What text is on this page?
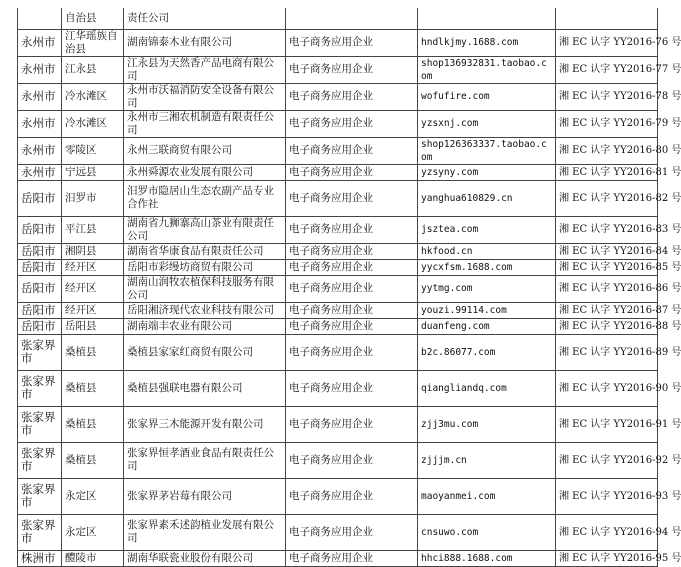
	自治县	责任公司			
永州市	江华瑶族自治县	湖南锦泰木业有限公司	电子商务应用企业	hndlkjmy.1688.com	湘 EC 认字 YY2016-76 号
永州市	江永县	江永县为天然香产品电商有限公司	电子商务应用企业	shop136932831.taobao.com	湘 EC 认字 YY2016-77 号
永州市	冷水滩区	永州市沃福消防安全设备有限公司	电子商务应用企业	wofufire.com	湘 EC 认字 YY2016-78 号
永州市	冷水滩区	永州市三湘农机制造有限责任公司	电子商务应用企业	yzsxnj.com	湘 EC 认字 YY2016-79 号
永州市	零陵区	永州三联商贸有限公司	电子商务应用企业	shop126363337.taobao.com	湘 EC 认字 YY2016-80 号
永州市	宁远县	永州舜源农业发展有限公司	电子商务应用企业	yzsyny.com	湘 EC 认字 YY2016-81 号
岳阳市	汨罗市	汨罗市隐居山生态农副产品专业合作社	电子商务应用企业	yanghua610829.cn	湘 EC 认字 YY2016-82 号
岳阳市	平江县	湖南省九狮寨高山茶业有限责任公司	电子商务应用企业	jsztea.com	湘 EC 认字 YY2016-83 号
岳阳市	湘阴县	湖南省华康食品有限责任公司	电子商务应用企业	hkfood.cn	湘 EC 认字 YY2016-84 号
岳阳市	经开区	岳阳市彩缦坊商贸有限公司	电子商务应用企业	yycxfsm.1688.com	湘 EC 认字 YY2016-85 号
岳阳市	经开区	湖南山润牧农植保科技服务有限公司	电子商务应用企业	yytmg.com	湘 EC 认字 YY2016-86 号
岳阳市	经开区	岳阳湘济现代农业科技有限公司	电子商务应用企业	youzi.99114.com	湘 EC 认字 YY2016-87 号
岳阳市	岳阳县	湖南端丰农业有限公司	电子商务应用企业	duanfeng.com	湘 EC 认字 YY2016-88 号
张家界市	桑植县	桑植县家家红商贸有限公司	电子商务应用企业	b2c.86077.com	湘 EC 认字 YY2016-89 号
张家界市	桑植县	桑植县强联电器有限公司	电子商务应用企业	qiangliandq.com	湘 EC 认字 YY2016-90 号
张家界市	桑植县	张家界三木能源开发有限公司	电子商务应用企业	zjj3mu.com	湘 EC 认字 YY2016-91 号
张家界市	桑植县	张家界恒孝酒业食品有限责任公司	电子商务应用企业	zjjjm.cn	湘 EC 认字 YY2016-92 号
张家界市	永定区	张家界茅岩莓有限公司	电子商务应用企业	maoyanmei.com	湘 EC 认字 YY2016-93 号
张家界市	永定区	张家界素禾述韵植业发展有限公司	电子商务应用企业	cnsuwo.com	湘 EC 认字 YY2016-94 号
株洲市	醴陵市	湖南华联瓷业股份有限公司	电子商务应用企业	hhci888.1688.com	湘 EC 认字 YY2016-95 号
